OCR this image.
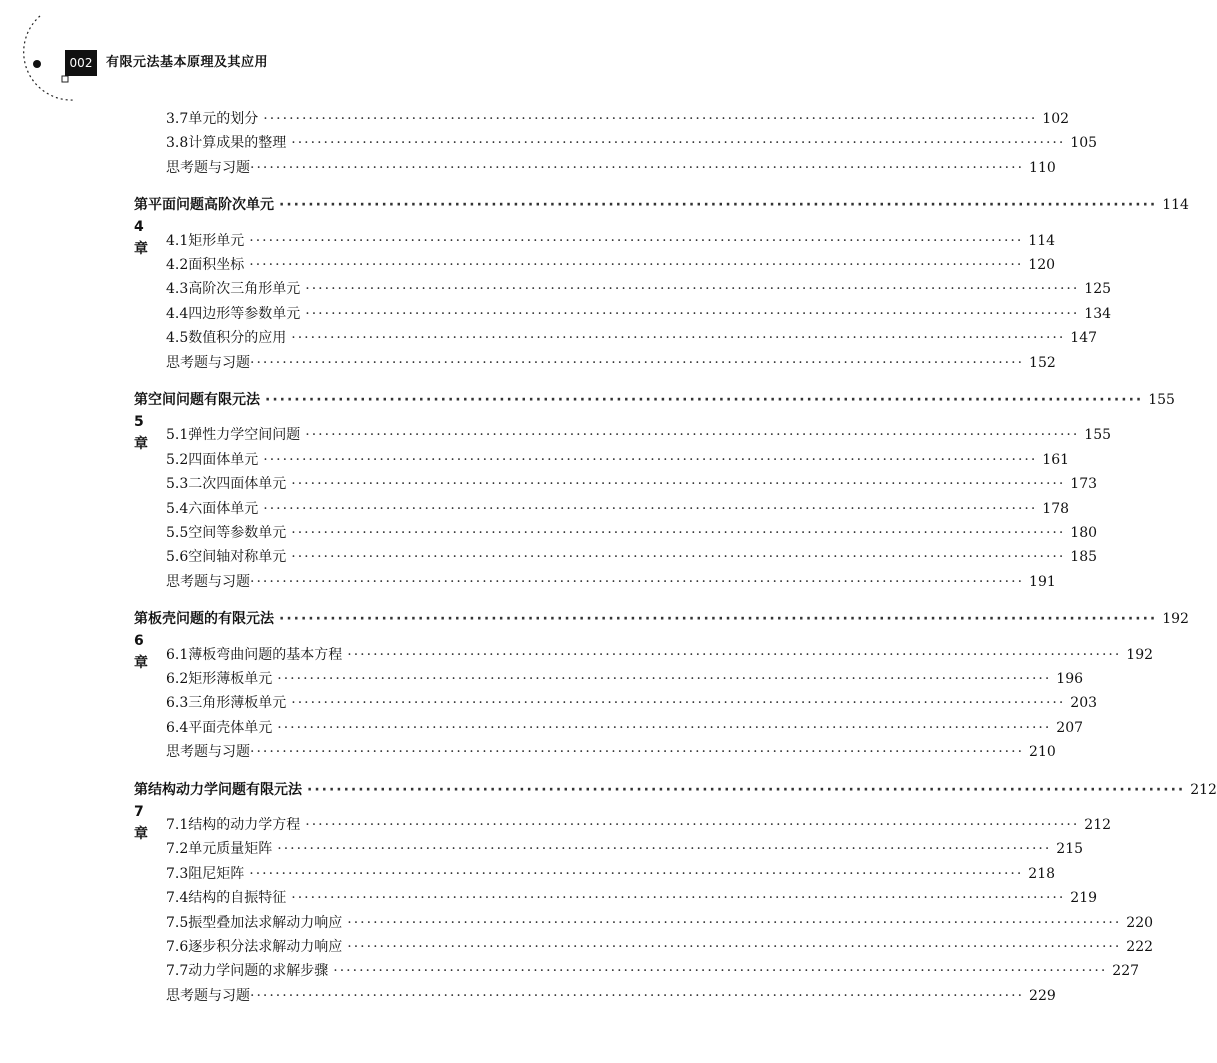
002	有限元法基本原理及其应用
3.7 单元的划分 ························································································································ 102
3.8 计算成果的整理 ························································································································ 105
思考题与习题 ························································································································ 110
第 4 章
平面问题高阶次单元 ························································································································ 114
4.1 矩形单元 ························································································································ 114
4.2 面积坐标 ························································································································ 120
4.3 高阶次三角形单元 ························································································································ 125
4.4 四边形等参数单元 ························································································································ 134
4.5 数值积分的应用 ························································································································ 147
思考题与习题 ························································································································ 152
第 5 章
空间问题有限元法 ························································································································ 155
5.1 弹性力学空间问题 ························································································································ 155
5.2 四面体单元 ························································································································ 161
5.3 二次四面体单元 ························································································································ 173
5.4 六面体单元 ························································································································ 178
5.5 空间等参数单元 ························································································································ 180
5.6 空间轴对称单元 ························································································································ 185
思考题与习题 ························································································································ 191
第 6 章
板壳问题的有限元法 ························································································································ 192
6.1 薄板弯曲问题的基本方程 ························································································································ 192
6.2 矩形薄板单元 ························································································································ 196
6.3 三角形薄板单元 ························································································································ 203
6.4 平面壳体单元 ························································································································ 207
思考题与习题 ························································································································ 210
第 7 章
结构动力学问题有限元法 ························································································································ 212
7.1 结构的动力学方程 ························································································································ 212
7.2 单元质量矩阵 ························································································································ 215
7.3 阻尼矩阵 ························································································································ 218
7.4 结构的自振特征 ························································································································ 219
7.5 振型叠加法求解动力响应 ························································································································ 220
7.6 逐步积分法求解动力响应 ························································································································ 222
7.7 动力学问题的求解步骤 ························································································································ 227
思考题与习题 ························································································································ 229
